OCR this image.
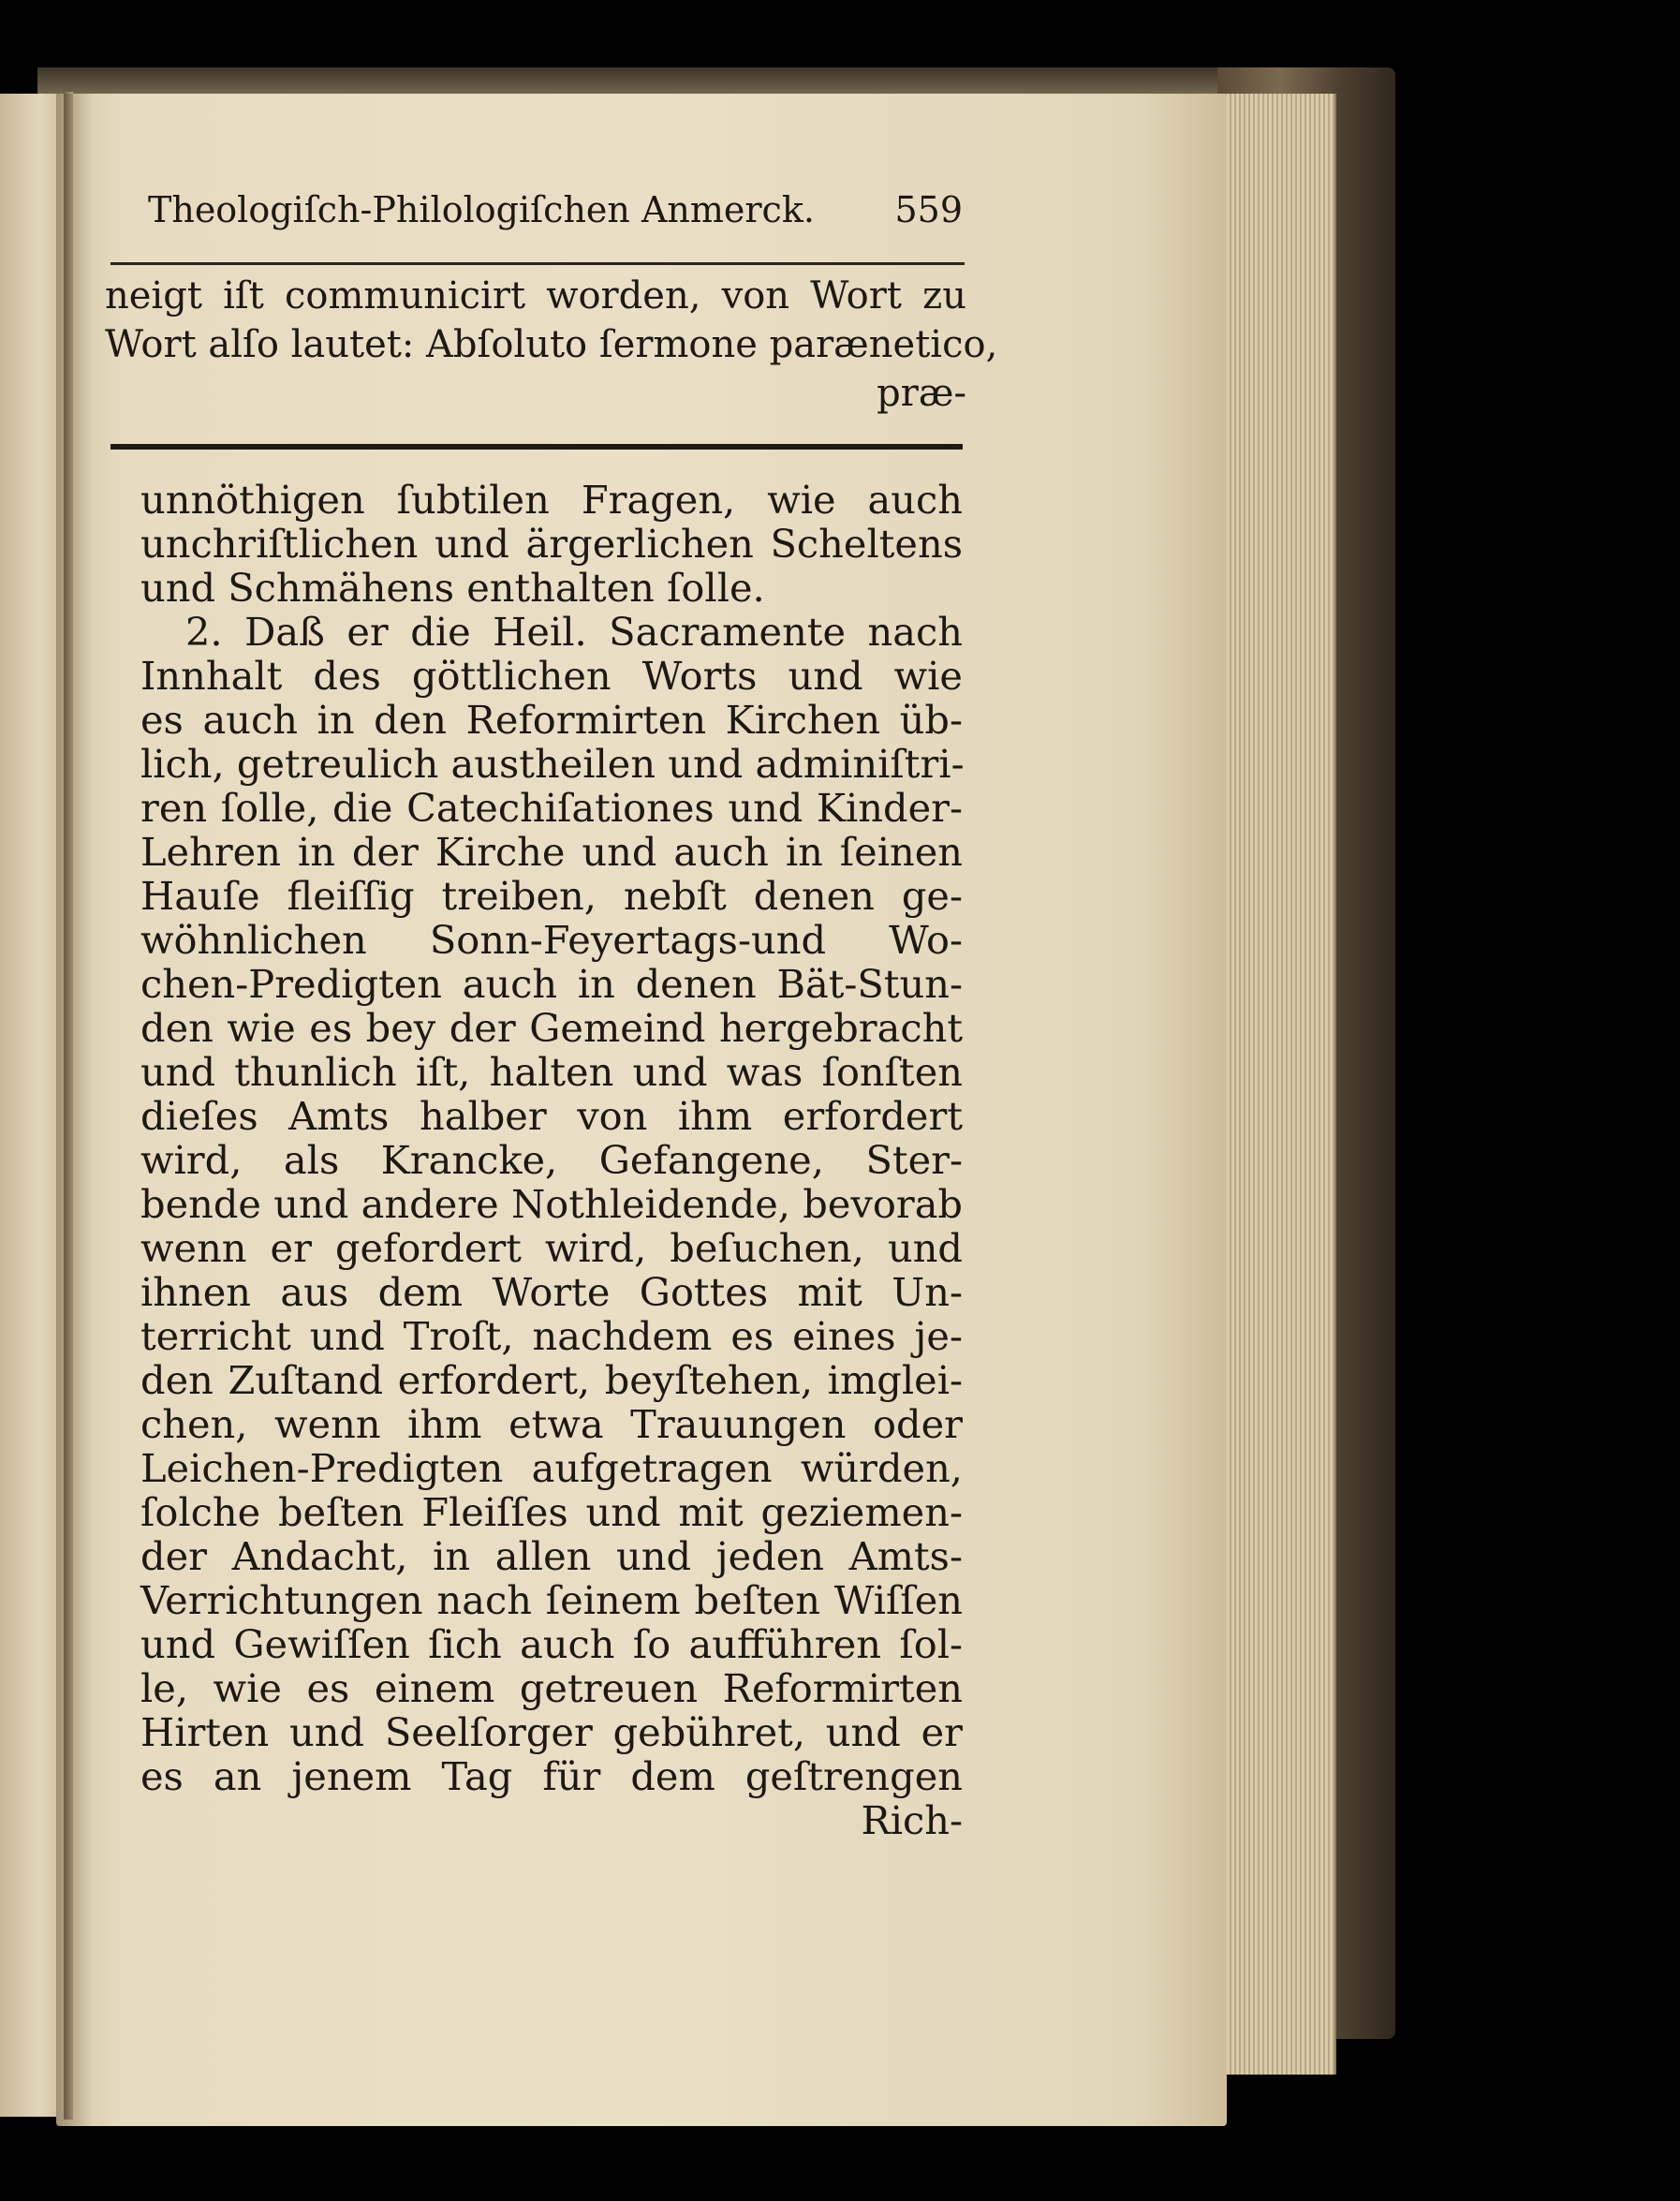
Theologiſch-Philologiſchen Anmerck. 559
neigt iſt communicirt worden, von Wort zu
Wort alſo lautet: Abſoluto ſermone parænetico,
præ-
unnöthigen ſubtilen Fragen, wie auch
unchriſtlichen und ärgerlichen Scheltens
und Schmähens enthalten ſolle.
2. Daß er die Heil. Sacramente nach
Innhalt des göttlichen Worts und wie
es auch in den Reformirten Kirchen üb-
lich, getreulich austheilen und adminiſtri-
ren ſolle, die Catechiſationes und Kinder-
Lehren in der Kirche und auch in ſeinen
Hauſe fleiſſig treiben, nebſt denen ge-
wöhnlichen Sonn-Feyertags-und Wo-
chen-Predigten auch in denen Bät-Stun-
den wie es bey der Gemeind hergebracht
und thunlich iſt, halten und was ſonſten
dieſes Amts halber von ihm erfordert
wird, als Krancke, Gefangene, Ster-
bende und andere Nothleidende, bevorab
wenn er gefordert wird, beſuchen, und
ihnen aus dem Worte Gottes mit Un-
terricht und Troſt, nachdem es eines je-
den Zuſtand erfordert, beyſtehen, imglei-
chen, wenn ihm etwa Trauungen oder
Leichen-Predigten aufgetragen würden,
ſolche beſten Fleiſſes und mit geziemen-
der Andacht, in allen und jeden Amts-
Verrichtungen nach ſeinem beſten Wiſſen
und Gewiſſen ſich auch ſo aufführen ſol-
le, wie es einem getreuen Reformirten
Hirten und Seelſorger gebühret, und er
es an jenem Tag für dem geſtrengen
Rich-
